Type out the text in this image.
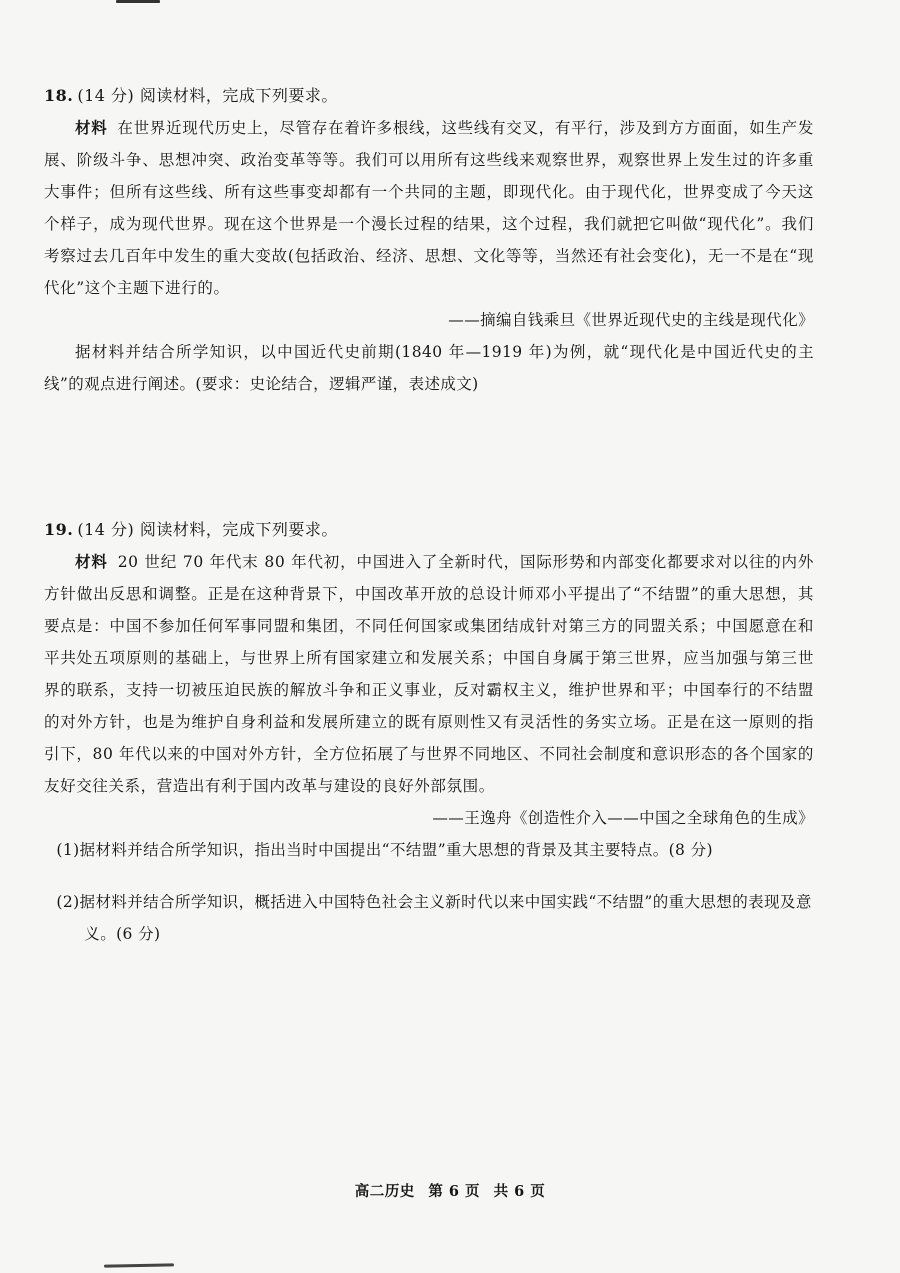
18. (14 分) 阅读材料，完成下列要求。

材料 在世界近现代历史上，尽管存在着许多根线，这些线有交叉，有平行，涉及到方方面面，如生产发展、阶级斗争、思想冲突、政治变革等等。我们可以用所有这些线来观察世界，观察世界上发生过的许多重大事件；但所有这些线、所有这些事变却都有一个共同的主题，即现代化。由于现代化，世界变成了今天这个样子，成为现代世界。现在这个世界是一个漫长过程的结果，这个过程，我们就把它叫做“现代化”。我们考察过去几百年中发生的重大变故(包括政治、经济、思想、文化等等，当然还有社会变化)，无一不是在“现代化”这个主题下进行的。

——摘编自钱乘旦《世界近现代史的主线是现代化》

据材料并结合所学知识，以中国近代史前期(1840 年—1919 年)为例，就“现代化是中国近代史的主线”的观点进行阐述。(要求：史论结合，逻辑严谨，表述成文)

19. (14 分) 阅读材料，完成下列要求。

材料 20 世纪 70 年代末 80 年代初，中国进入了全新时代，国际形势和内部变化都要求对以往的内外方针做出反思和调整。正是在这种背景下，中国改革开放的总设计师邓小平提出了“不结盟”的重大思想，其要点是：中国不参加任何军事同盟和集团，不同任何国家或集团结成针对第三方的同盟关系；中国愿意在和平共处五项原则的基础上，与世界上所有国家建立和发展关系；中国自身属于第三世界，应当加强与第三世界的联系，支持一切被压迫民族的解放斗争和正义事业，反对霸权主义，维护世界和平；中国奉行的不结盟的对外方针，也是为维护自身利益和发展所建立的既有原则性又有灵活性的务实立场。正是在这一原则的指引下，80 年代以来的中国对外方针，全方位拓展了与世界不同地区、不同社会制度和意识形态的各个国家的友好交往关系，营造出有利于国内改革与建设的良好外部氛围。

——王逸舟《创造性介入——中国之全球角色的生成》

(1)据材料并结合所学知识，指出当时中国提出“不结盟”重大思想的背景及其主要特点。(8 分)

(2)据材料并结合所学知识，概括进入中国特色社会主义新时代以来中国实践“不结盟”的重大思想的表现及意义。(6 分)

高二历史 第 6 页 共 6 页
